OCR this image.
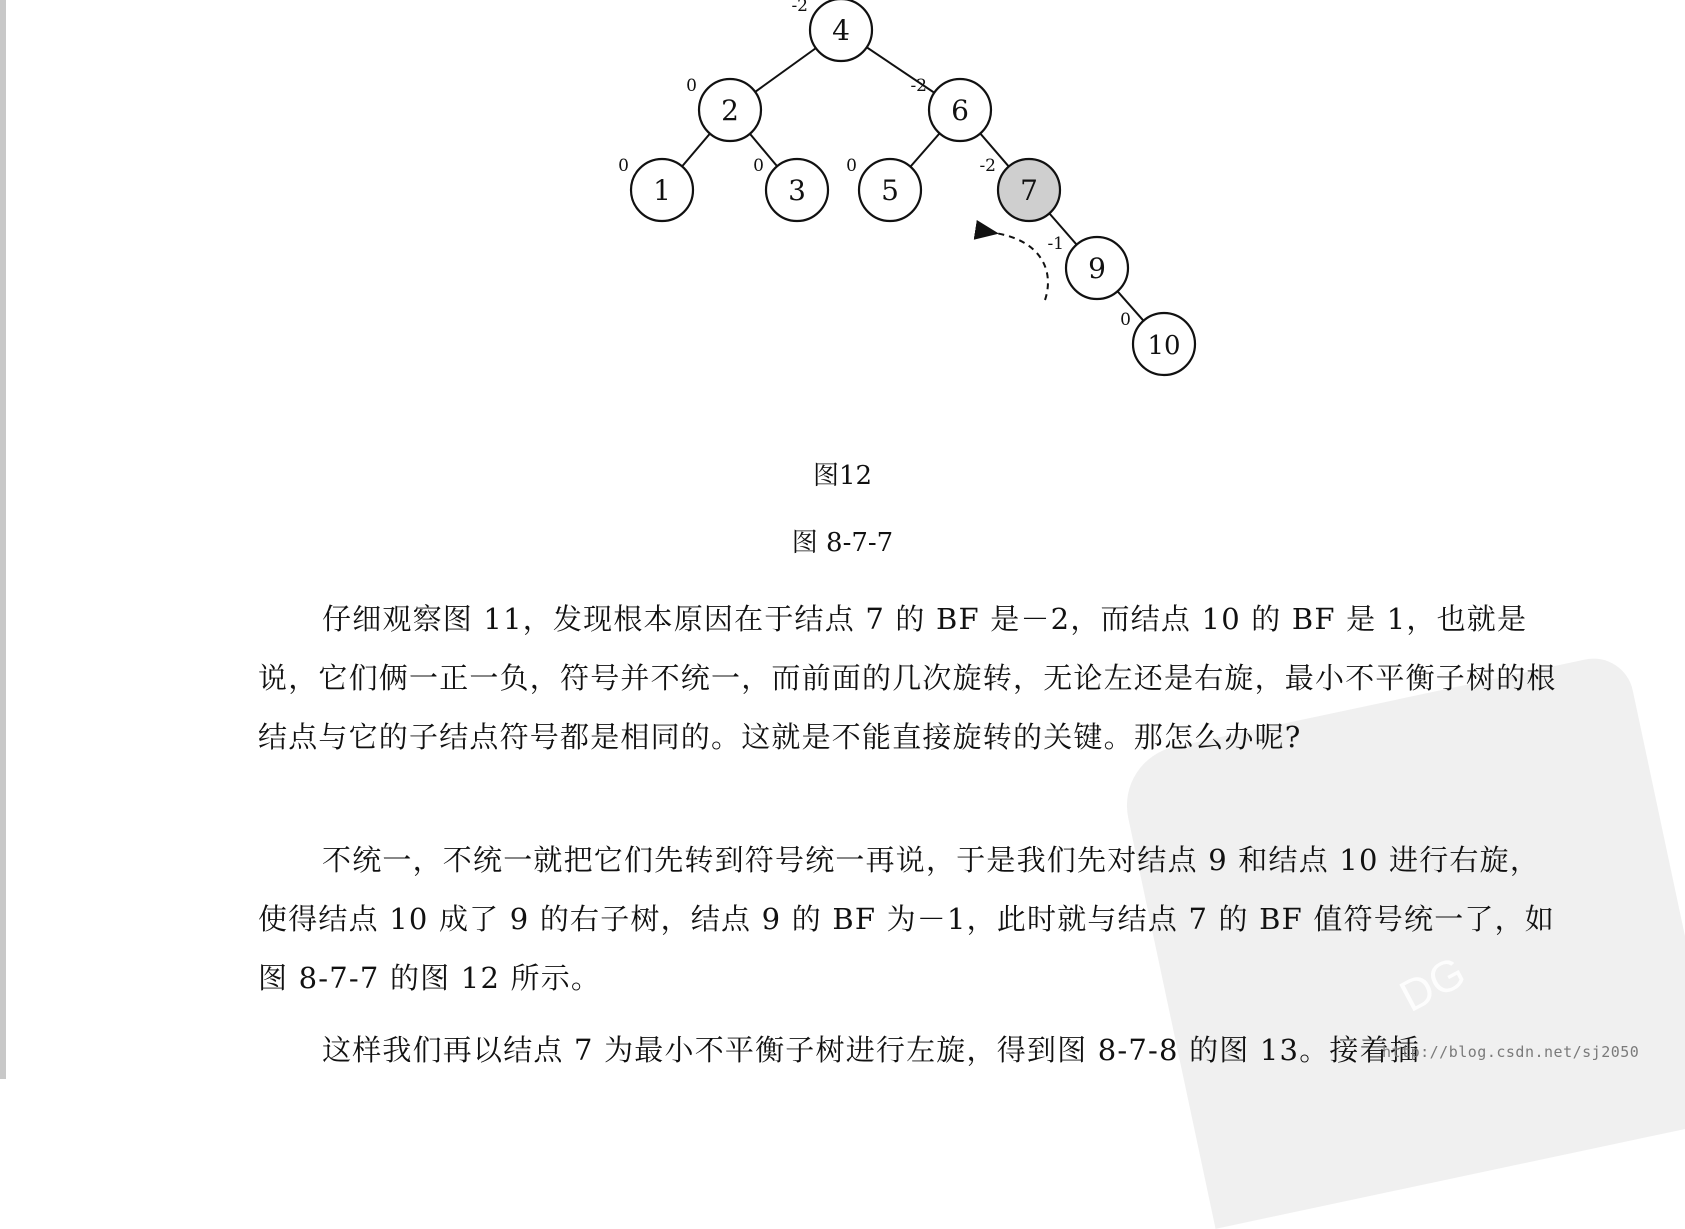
DG
4
-2
2
0
6
-2
1
0
3
0
5
0
7
-2
9
-1
10
0
图12
图 8-7-7

仔细观察图 11，发现根本原因在于结点 7 的 BF 是－2，而结点 10 的 BF 是 1，也就是说，它们俩一正一负，符号并不统一，而前面的几次旋转，无论左还是右旋，最小不平衡子树的根结点与它的子结点符号都是相同的。这就是不能直接旋转的关键。那怎么办呢?

不统一，不统一就把它们先转到符号统一再说，于是我们先对结点 9 和结点 10 进行右旋，使得结点 10 成了 9 的右子树，结点 9 的 BF 为－1，此时就与结点 7 的 BF 值符号统一了，如图 8-7-7 的图 12 所示。

这样我们再以结点 7 为最小不平衡子树进行左旋，得到图 8-7-8 的图 13。接着插

http://blog.csdn.net/sj2050
